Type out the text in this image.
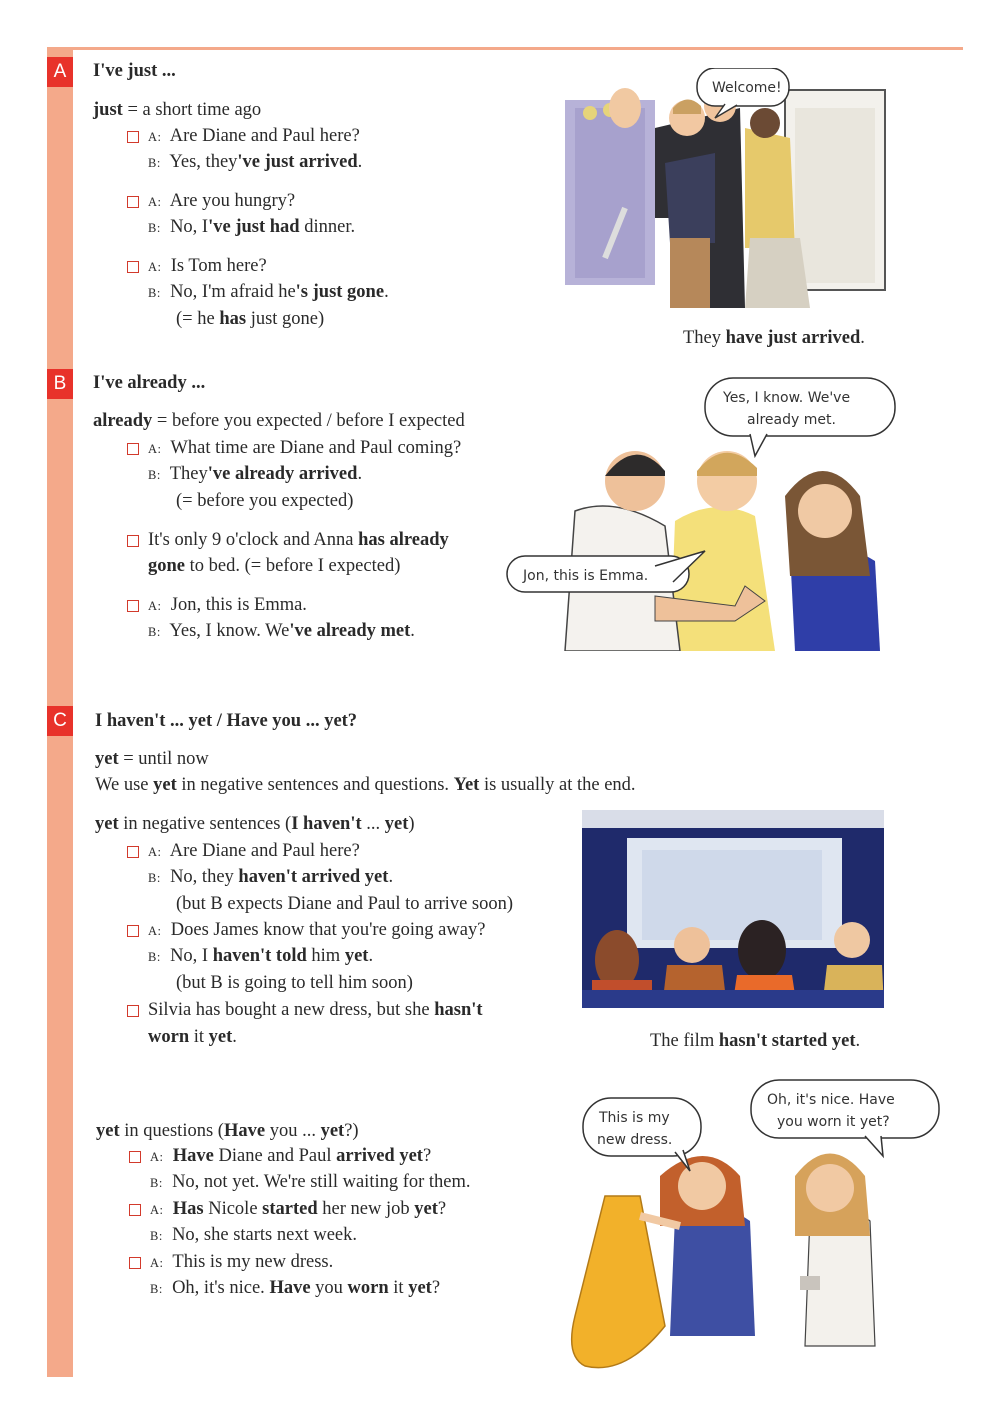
A	I've just ...
just = a short time ago
A: Are Diane and Paul here?
B: Yes, they've just arrived.
A: Are you hungry?
B: No, I've just had dinner.
A: Is Tom here?
B: No, I'm afraid he's just gone.
(= he has just gone)
Welcome!
They have just arrived.
B	I've already ...
already = before you expected / before I expected
A: What time are Diane and Paul coming?
B: They've already arrived.
(= before you expected)
It's only 9 o'clock and Anna has already
gone to bed. (= before I expected)
A: Jon, this is Emma.
B: Yes, I know. We've already met.
Yes, I know. We've
already met.
Jon, this is Emma.
C	I haven't ... yet / Have you ... yet?
yet = until now
We use yet in negative sentences and questions. Yet is usually at the end.
yet in negative sentences (I haven't ... yet)
A: Are Diane and Paul here?
B: No, they haven't arrived yet.
(but B expects Diane and Paul to arrive soon)
A: Does James know that you're going away?
B: No, I haven't told him yet.
(but B is going to tell him soon)
Silvia has bought a new dress, but she hasn't
worn it yet.	The film hasn't started yet.
yet in questions (Have you ... yet?)
A: Have Diane and Paul arrived yet?
B: No, not yet. We're still waiting for them.
A: Has Nicole started her new job yet?
B: No, she starts next week.
A: This is my new dress.
B: Oh, it's nice. Have you worn it yet?
This is my
new dress.
Oh, it's nice. Have
you worn it yet?
